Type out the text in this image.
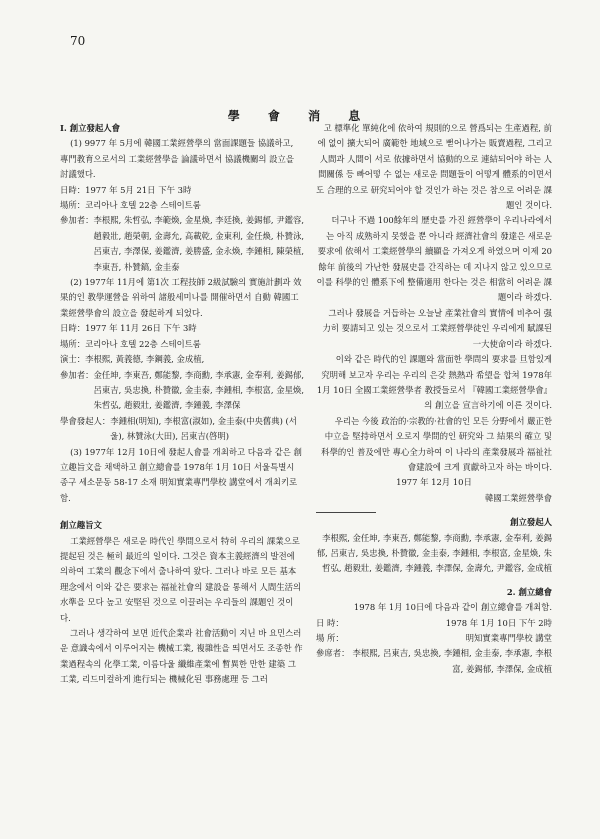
70
學 會 消 息

Ⅰ. 創立發起人會

(1) 9977 年 5月에 韓國工業經營學의 當面課題들 協議하고, 專門教育으로서의 工業經營學을 論議하면서 協議機關의 設立을 討議했다.

日時： 1977 年 5月 21日 下午 3時
場所： 코리아나 호텔 22층 스테이트룸
參加者： 李根熙, 朱哲弘, 李範煥, 金星煥, 李廷換, 姜錫郁, 尹鑑容, 趙毅壯, 趙榮朝, 金壽允, 高載乾, 金東利, 金任煥, 朴贊泳, 呂東吉, 李澤保, 姜鑑濟, 姜勝盛, 金永煥, 李鍾相, 陳榮植, 李東吾, 朴贊鎬, 金圭泰

(2) 1977年 11月에 第1次 工程技師 2級試驗의 實施計劃과 效果的인 教學運營을 위하여 諸般세미나를 開催하면서 自動 韓國工業經營學會의 設立을 發起하게 되었다.

日時： 1977 年 11月 26日 下午 3時
場所： 코리아나 호텔 22층 스테이트룸
演士： 李根熙, 黃義德, 李鋼義, 金成植,
參加者： 金任坤, 李東吾, 鄭能黎, 李商勳, 李承憲, 金奉利, 姜錫郁, 呂東吉, 吳忠換, 朴贊徽, 金圭泰, 李鍾相, 李根富, 金星煥, 朱哲弘, 趙毅壯, 姜鑑濟, 李鍾義, 李澤保
學會發起人： 李鍾相(明知), 李根富(淑如), 金圭泰(中央舊典) (서울), 林贊泳(大田), 呂東吉(啓明)

(3) 1977年 12月 10日에 發起人會를 개최하고 다음과 같은 創立趣旨文을 채택하고 創立總會를 1978年 1月 10日 서울특별시 종구 세소문동 58-17 소재 明知實業專門學校 講堂에서 개최키로 함.

創立趣旨文

工業經營學은 새로운 時代인 學問으로서 特히 우리의 課業으로 提起된 것은 極히 最近의 일이다. 그것은 資本主義經濟의 발전에 의하여 工業의 觀念下에서 출나하여 왔다. 그러나 바로 모든 基本理念에서 이와 같은 要求는 福祉社會의 建設을 통해서 人間生活의 水準을 모다 높고 安堅된 것으로 이끌려는 우리들의 課題인 것이다.

그러나 생각하여 보면 近代企業과 社會活動이 지닌 바 요민스러운 意識속에서 이루어지는 機械工業, 複雜性을 띄면서도 조종한 作業過程속의 化學工業, 이름다울 纖維產業에 暫異한 만한 建築 그 工業, 리드미컬하게 進行되는 機械化된 事務處理 등 그러

고 標準化 單純化에 依하여 規則的으로 營爲되는 生產過程, 前에 없이 擴大되어 廣範한 地域으로 뻗어나가는 販賣過程, 그리고 人間과 人間이 서로 依據하면서 協動的으로 連結되어야 하는 人間關係 등 빠어떻 수 없는 새로운 問題들이 어떻게 體系的이면서도 合理的으로 研究되어야 할 것인가 하는 것은 참으로 어려운 課題인 것이다.

더구나 不過 100餘年의 歷史를 가진 經營學이 우리나라에서는 아직 成熟하지 못했을 뿐 아니라 經濟社會의 發達은 새로운 要求에 依해서 工業經營學의 續顯을 가져오게 하였으며 이제 20餘年 前後의 가난한 發展史를 간직하는 데 지나지 않고 있으므로 이를 科學的인 體系下에 整備適用 한다는 것은 相當히 어려운 課題이라 하겠다.

그러나 發展을 거듭하는 오늘날 產業社會의 實情에 비추어 强力히 要請되고 있는 것으로서 工業經營學徒인 우리에게 賦課된 一大使命이라 하겠다.

이와 같은 時代的인 課題와 當面한 學問의 要求를 旦함있게 究明해 보고자 우리는 우리의 은갖 熱熱과 希望을 합쳐 1978年 1月 10日 全國工業經營學者 教授들로서 『韓國工業經營學會』의 創立을 宣言하기에 이른 것이다.

우리는 今後 政治的·宗教的·社會的인 모든 分野에서 嚴正한 中立을 堅持하면서 오로지 學問的인 研究와 그 結果의 確立 및 科學的인 普及에만 專心全力하여 이 나라의 產業發展과 福祉社會建設에 크게 貢獻하고자 하는 바이다.

1977 年 12月 10日

韓國工業經營學會

創立發起人

李根熙, 金任坤, 李東吾, 鄭能黎, 李商勳, 李承憲, 金奉利, 姜錫郁, 呂東吉, 吳忠換, 朴贊徽, 金圭泰, 李鍾相, 李根富, 金星煥, 朱哲弘, 趙毅壯, 姜鑑濟, 李鍾義, 李澤保, 金壽允, 尹鑑容, 金成植

2. 創立總會

1978 年 1月 10日에 다음과 같이 創立總會를 개최함.

日 時：	1978 年 1月 10日 下午 2時
場 所：	明知實業專門學校 講堂
參席者： 李根熙, 呂東吉, 吳忠換, 李鍾相, 金圭泰, 李承憲, 李根富, 姜錫郁, 李澤保, 金成植
